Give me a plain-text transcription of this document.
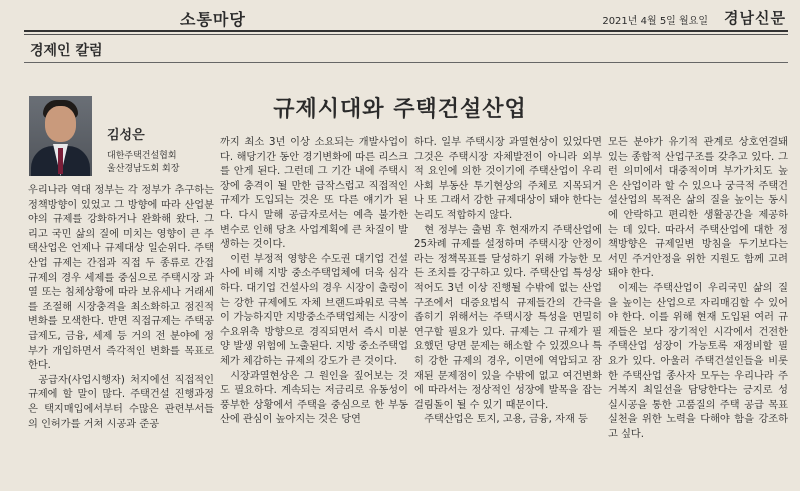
소통마당	2021년 4월 5일 월요일 경남신문
경제인 칼럼
규제시대와 주택건설산업
김성은
대한주택건설협회
울산경남도회 회장

우리나라 역대 정부는 각 정부가 추구하는 정책방향이 있었고 그 방향에 따라 산업분야의 규제를 강화하거나 완화해 왔다. 그리고 국민 삶의 질에 미치는 영향이 큰 주택산업은 언제나 규제대상 일순위다. 주택산업 규제는 간접과 직접 두 종류로 간접규제의 경우 세제를 중심으로 주택시장 과열 또는 침체상황에 따라 보유세나 거래세를 조절해 시장충격을 최소화하고 점진적 변화를 모색한다. 반면 직접규제는 주택공급제도, 금융, 세제 등 거의 전 분야에 정부가 개입하면서 즉각적인 변화를 목표로 한다.

공급자(사업시행자) 처지에선 직접적인 규제에 할 말이 많다. 주택건설 진행과정은 택지매입에서부터 수많은 관련부서들의 인허가를 거쳐 시공과 준공

까지 최소 3년 이상 소요되는 개발사업이다. 해당기간 동안 경기변화에 따른 리스크를 안게 된다. 그런데 그 기간 내에 주택시장에 충격이 될 만한 급작스럽고 직접적인 규제가 도입되는 것은 또 다른 얘기가 된다. 다시 말해 공급자로서는 예측 불가한 변수로 인해 당초 사업계획에 큰 차질이 발생하는 것이다.

이런 부정적 영향은 수도권 대기업 건설사에 비해 지방 중소주택업체에 더욱 심각하다. 대기업 건설사의 경우 시장이 출렁이는 강한 규제에도 자체 브랜드파워로 극복이 가능하지만 지방중소주택업체는 시장이 수요위축 방향으로 경직되면서 즉시 미분양 발생 위험에 노출된다. 지방 중소주택업체가 체감하는 규제의 강도가 큰 것이다.

시장과열현상은 그 원인을 짚어보는 것도 필요하다. 계속되는 저금리로 유동성이 풍부한 상황에서 주택을 중심으로 한 부동산에 관심이 높아지는 것은 당연

하다. 일부 주택시장 과열현상이 있었다면 그것은 주택시장 자체발전이 아니라 외부적 요인에 의한 것이기에 주택산업이 우리사회 부동산 투기현상의 주체로 지목되거나 또 그래서 강한 규제대상이 돼야 한다는 논리도 적합하지 않다.

현 정부는 출범 후 현재까지 주택산업에 25차례 규제를 설정하며 주택시장 안정이라는 정책목표를 달성하기 위해 가능한 모든 조치를 강구하고 있다. 주택산업 특성상 적어도 3년 이상 진행될 수밖에 없는 산업구조에서 대증요법식 규제들간의 간극을 좁히기 위해서는 주택시장 특성을 면밀히 연구할 필요가 있다. 규제는 그 규제가 필요했던 당면 문제는 해소할 수 있겠으나 특히 강한 규제의 경우, 이면에 역압되고 잠재된 문제점이 있을 수밖에 없고 여건변화에 따라서는 정상적인 성장에 발목을 잡는 걸림돌이 될 수 있기 때문이다.

주택산업은 토지, 고용, 금융, 자재 등

모든 분야가 유기적 관계로 상호연결돼 있는 종합적 산업구조를 갖추고 있다. 그런 의미에서 대중적이며 부가가치도 높은 산업이라 할 수 있으나 궁극적 주택건설산업의 목적은 삶의 질을 높이는 동시에 안락하고 편리한 생활공간을 제공하는 데 있다. 따라서 주택산업에 대한 정책방향은 규제일변 방침을 두기보다는 서민 주거안정을 위한 지원도 함께 고려돼야 한다.

이제는 주택산업이 우리국민 삶의 질을 높이는 산업으로 자리매김할 수 있어야 한다. 이를 위해 현재 도입된 여러 규제들은 보다 장기적인 시각에서 건전한 주택산업 성장이 가능토록 재정비할 필요가 있다. 아울러 주택건설인들을 비롯한 주택산업 종사자 모두는 우리나라 주거복지 최일선을 담당한다는 긍지로 성실시공을 통한 고품질의 주택 공급 목표 실천을 위한 노력을 다해야 함을 강조하고 싶다.
